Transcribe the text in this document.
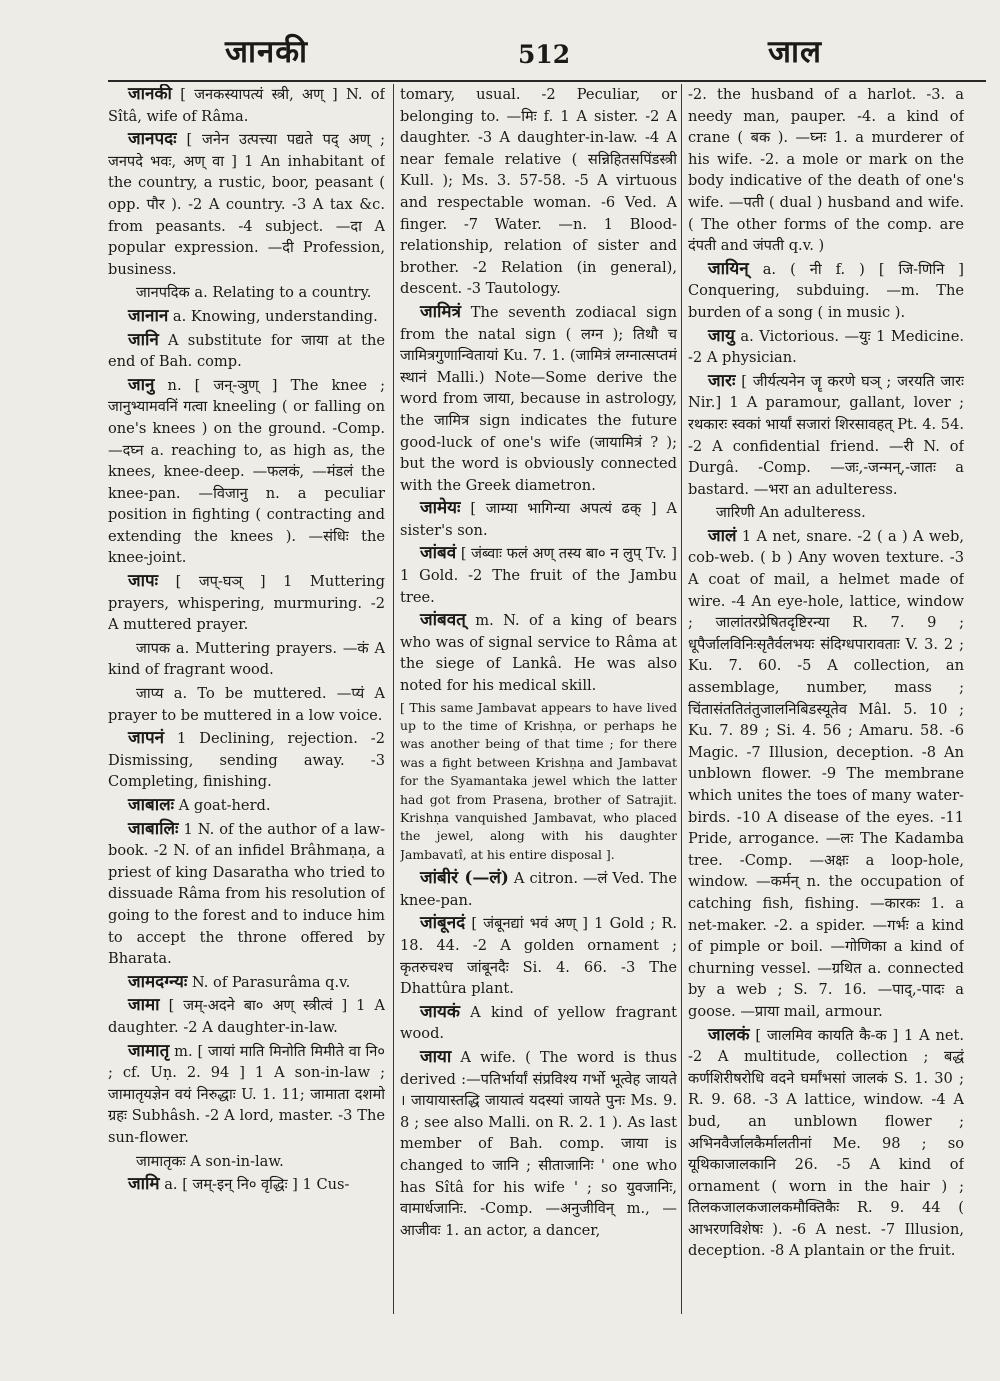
जानकी	512	जाल
जानकी [ जनकस्यापत्यं स्त्री, अण् ] N. of Sîtâ, wife of Râma.
जानपदः [ जनेन उत्पत्त्या पद्यते पद् अण् ; जनपदे भवः, अण् वा ] 1 An inhabitant of the country, a rustic, boor, peasant ( opp. पौर ). -2 A country. -3 A tax &c. from peasants. -4 subject. —दा A popular expression. —दी Profession, business.
जानपदिक a. Relating to a country.
जानान a. Knowing, understanding.
जानि A substitute for जाया at the end of Bah. comp.
जानु n. [ जन्-ञुण् ] The knee ; जानुभ्यामवनिं गत्वा kneeling ( or falling on one's knees ) on the ground. -Comp. —दघ्न a. reaching to, as high as, the knees, knee-deep. —फलकं, —मंडलं the knee-pan. —विजानु n. a peculiar position in fighting ( contracting and extending the knees ). —संधिः the knee-joint.
जापः [ जप्-घञ् ] 1 Muttering prayers, whispering, murmuring. -2 A muttered prayer.
जापक a. Muttering prayers. —कं A kind of fragrant wood.
जाप्य a. To be muttered. —प्यं A prayer to be muttered in a low voice.
जापनं 1 Declining, rejection. -2 Dismissing, sending away. -3 Completing, finishing.
जाबालः A goat-herd.
जाबालिः 1 N. of the author of a law-book. -2 N. of an infidel Brâhmaṇa, a priest of king Dasaratha who tried to dissuade Râma from his resolution of going to the forest and to induce him to accept the throne offered by Bharata.
जामदग्न्यः N. of Parasurâma q.v.
जामा [ जम्-अदने बा० अण् स्त्रीत्वं ] 1 A daughter. -2 A daughter-in-law.
जामातृ m. [ जायां माति मिनोति मिमीते वा नि० ; cf. Uṇ. 2. 94 ] 1 A son-in-law ; जामातृयज्ञेन वयं निरुद्धाः U. 1. 11; जामाता दशमो ग्रहः Subhâsh. -2 A lord, master. -3 The sun-flower.
जामातृकः A son-in-law.
जामि a. [ जम्-इन् नि० वृद्धिः ] 1 Cus-
tomary, usual. -2 Peculiar, or belonging to. —मिः f. 1 A sister. -2 A daughter. -3 A daughter-in-law. -4 A near female relative ( सन्निहितसपिंडस्त्री Kull. ); Ms. 3. 57-58. -5 A virtuous and respectable woman. -6 Ved. A finger. -7 Water. —n. 1 Blood-relationship, relation of sister and brother. -2 Relation (in general), descent. -3 Tautology.
जामित्रं The seventh zodiacal sign from the natal sign ( लग्न ); तिथौ च जामित्रगुणान्वितायां Ku. 7. 1. (जामित्रं लग्नात्सप्तमं स्थानं Malli.) Note—Some derive the word from जाया, because in astrology, the जामित्र sign indicates the future good-luck of one's wife (जायामित्रं ? ); but the word is obviously connected with the Greek diametron.
जामेयः [ जाम्या भागिन्या अपत्यं ढक् ] A sister's son.
जांबवं [ जंब्वाः फलं अण् तस्य बा० न लुप् Tv. ] 1 Gold. -2 The fruit of the Jambu tree.
जांबवत् m. N. of a king of bears who was of signal service to Râma at the siege of Lankâ. He was also noted for his medical skill.
[ This same Jambavat appears to have lived up to the time of Krishṇa, or perhaps he was another being of that time ; for there was a fight between Krishṇa and Jambavat for the Syamantaka jewel which the latter had got from Prasena, brother of Satrajit. Krishṇa vanquished Jambavat, who placed the jewel, along with his daughter Jambavatî, at his entire disposal ].
जांबीरं (—लं) A citron. —लं Ved. The knee-pan.
जांबूनदं [ जंबूनद्यां भवं अण् ] 1 Gold ; R. 18. 44. -2 A golden ornament ; कृतरुचश्च जांबूनदैः Si. 4. 66. -3 The Dhattûra plant.
जायकं A kind of yellow fragrant wood.
जाया A wife. ( The word is thus derived :—पतिर्भार्यां संप्रविश्य गर्भो भूत्वेह जायते । जायायास्तद्धि जायात्वं यदस्यां जायते पुनः Ms. 9. 8 ; see also Malli. on R. 2. 1 ). As last member of Bah. comp. जाया is changed to जानि ; सीताजानिः ' one who has Sîtâ for his wife ' ; so युवजानिः, वामार्धजानिः. -Comp. —अनुजीविन् m., —आजीवः 1. an actor, a dancer,
-2. the husband of a harlot. -3. a needy man, pauper. -4. a kind of crane ( बक ). —घ्नः 1. a murderer of his wife. -2. a mole or mark on the body indicative of the death of one's wife. —पती ( dual ) husband and wife. ( The other forms of the comp. are दंपती and जंपती q.v. )
जायिन् a. ( नी f. ) [ जि-णिनि ] Conquering, subduing. —m. The burden of a song ( in music ).
जायु a. Victorious. —युः 1 Medicine. -2 A physician.
जारः [ जीर्यत्यनेन जॄ करणे घञ् ; जरयति जारः Nir.] 1 A paramour, gallant, lover ; रथकारः स्वकां भार्यां सजारां शिरसावहत् Pt. 4. 54. -2 A confidential friend. —री N. of Durgâ. -Comp. —जः,-जन्मन्,-जातः a bastard. —भरा an adulteress.
जारिणी An adulteress.
जालं 1 A net, snare. -2 ( a ) A web, cob-web. ( b ) Any woven texture. -3 A coat of mail, a helmet made of wire. -4 An eye-hole, lattice, window ; जालांतरप्रेषितदृष्टिरन्या R. 7. 9 ; धूपैर्जालविनिःसृतैर्वलभयः संदिग्धपारावताः V. 3. 2 ; Ku. 7. 60. -5 A collection, an assemblage, number, mass ; चिंतासंततितंतुजालनिबिडस्यूतेव Mâl. 5. 10 ; Ku. 7. 89 ; Si. 4. 56 ; Amaru. 58. -6 Magic. -7 Illusion, deception. -8 An unblown flower. -9 The membrane which unites the toes of many water-birds. -10 A disease of the eyes. -11 Pride, arrogance. —लः The Kadamba tree. -Comp. —अक्षः a loop-hole, window. —कर्मन् n. the occupation of catching fish, fishing. —कारकः 1. a net-maker. -2. a spider. —गर्भः a kind of pimple or boil. —गोणिका a kind of churning vessel. —ग्रथित a. connected by a web ; S. 7. 16. —पाद्,-पादः a goose. —प्राया mail, armour.
जालकं [ जालमिव कायति कै-क ] 1 A net. -2 A multitude, collection ; बद्धं कर्णशिरीषरोधि वदने घर्मांभसां जालकं S. 1. 30 ; R. 9. 68. -3 A lattice, window. -4 A bud, an unblown flower ; अभिनवैर्जालकैर्मालतीनां Me. 98 ; so यूथिकाजालकानि 26. -5 A kind of ornament ( worn in the hair ) ; तिलकजालकजालकमौक्तिकैः R. 9. 44 ( आभरणविशेषः ). -6 A nest. -7 Illusion, deception. -8 A plantain or the fruit.
